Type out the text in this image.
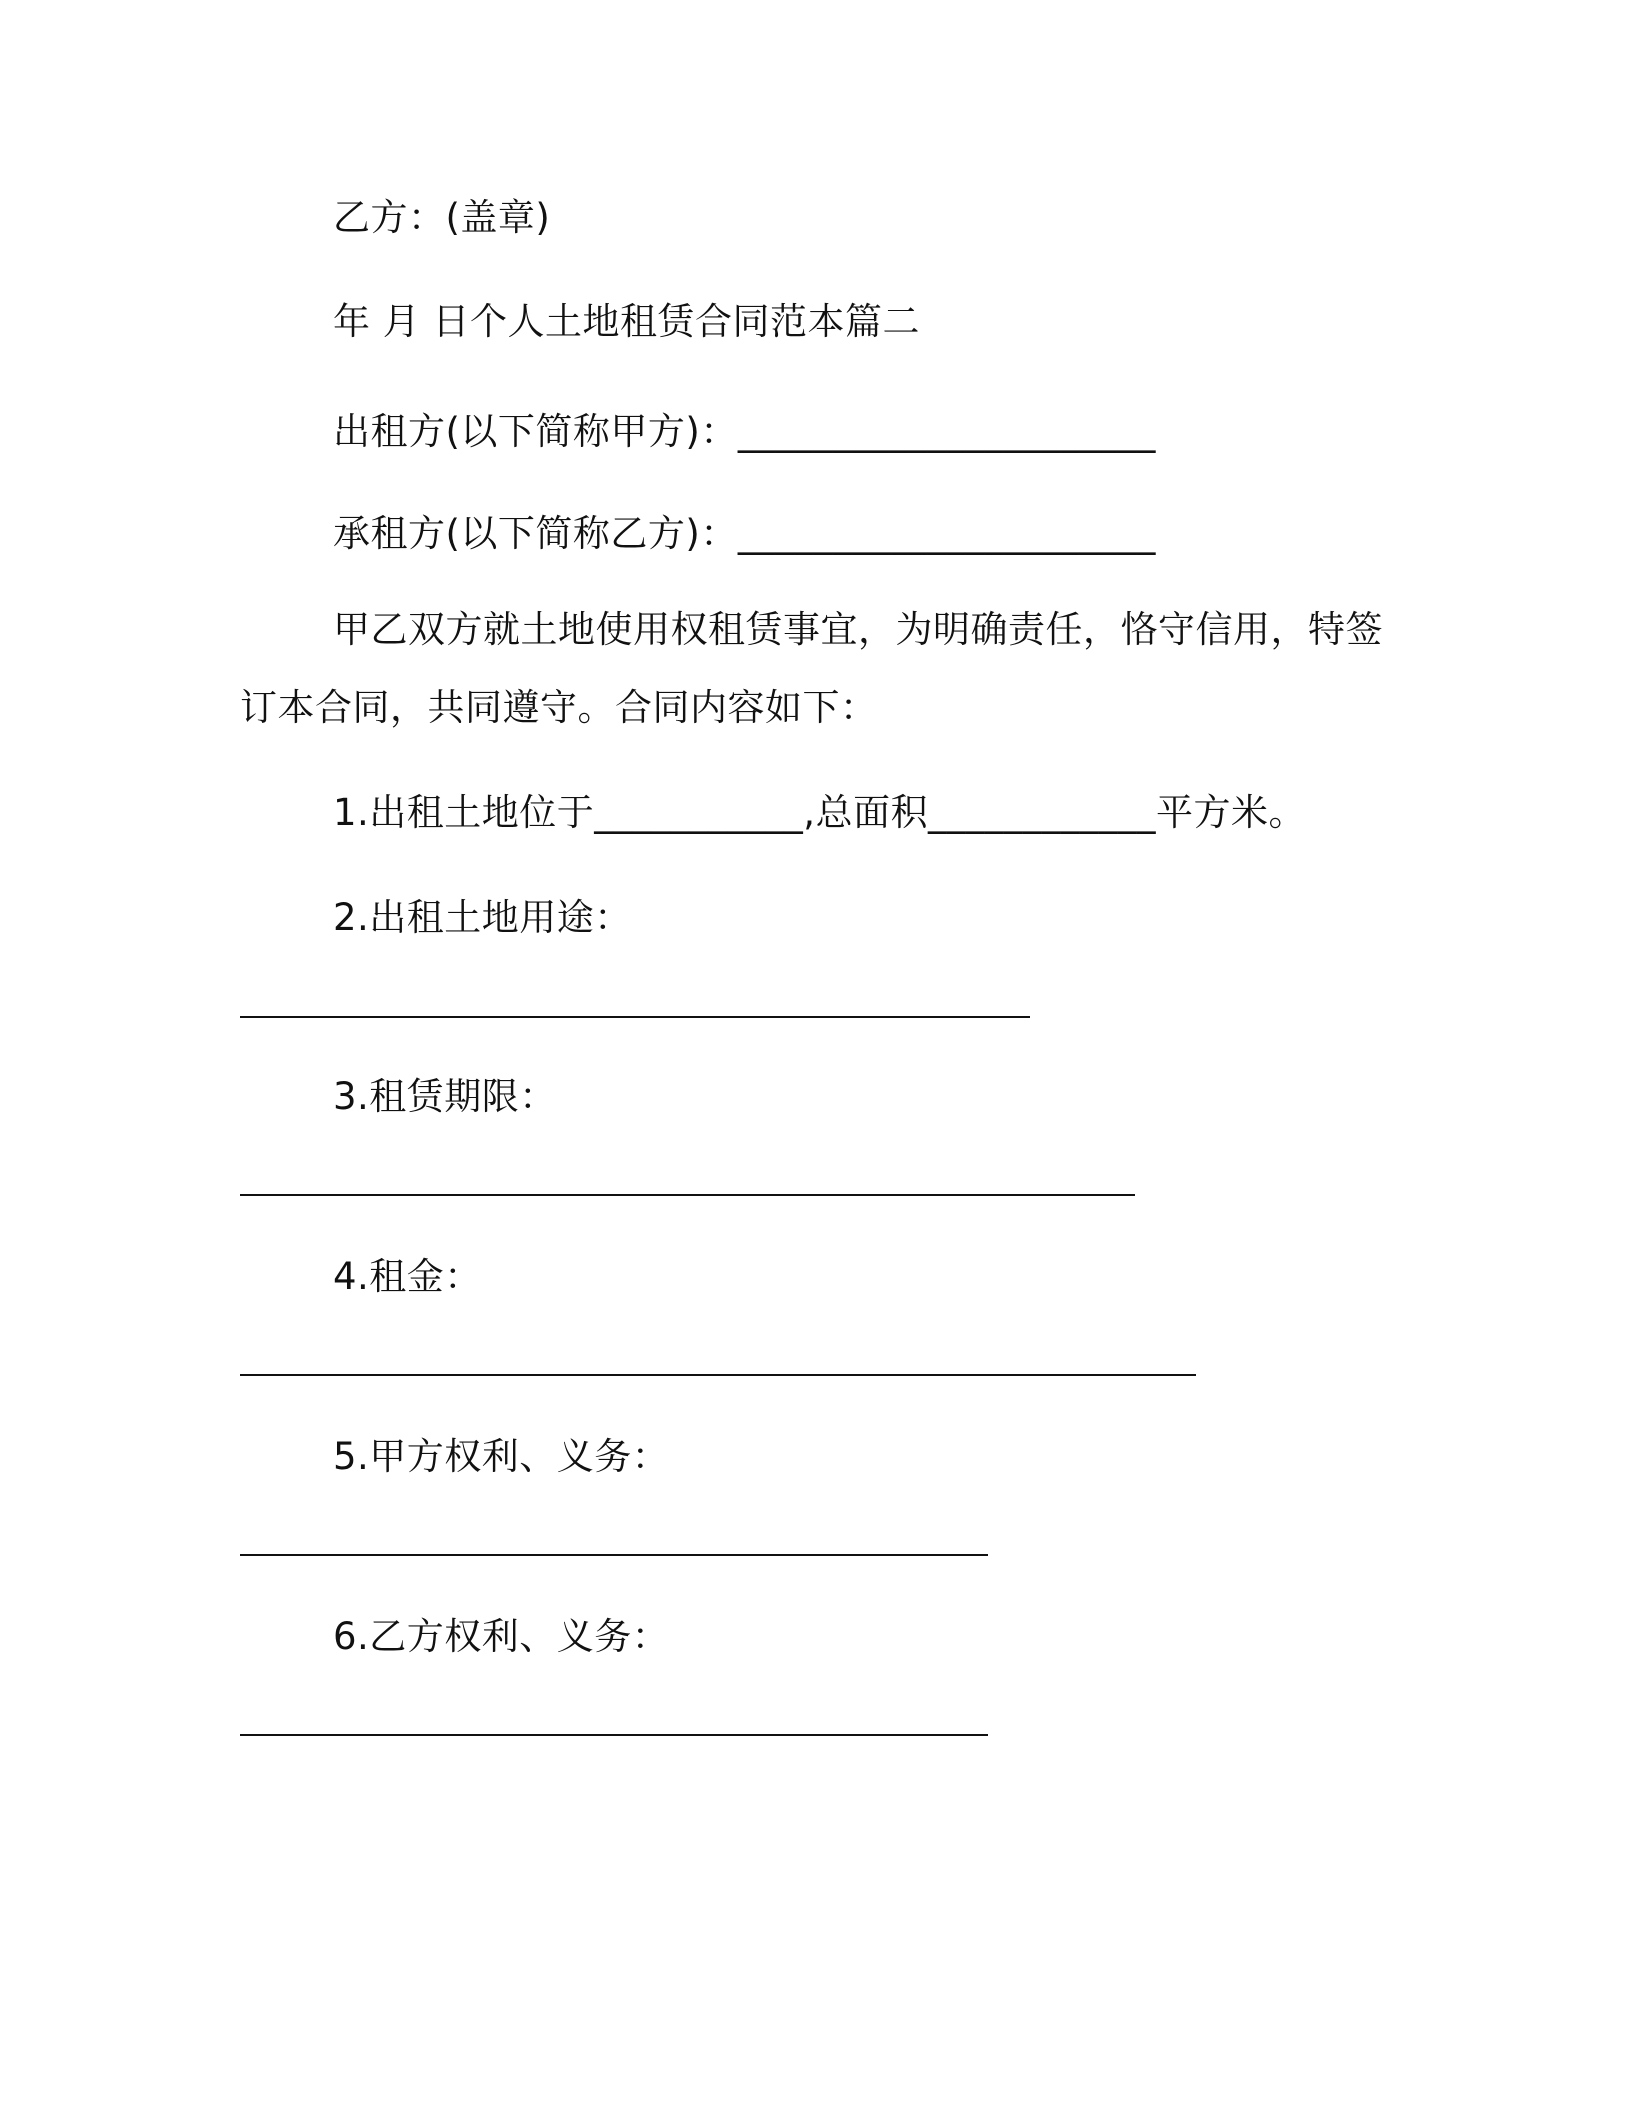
乙方：(盖章)
年 月 日个人土地租赁合同范本篇二
出租方(以下简称甲方)：______________________
承租方(以下简称乙方)：______________________
甲乙双方就土地使用权租赁事宜，为明确责任，恪守信用，特签
订本合同，共同遵守。合同内容如下：
1.出租土地位于___________,总面积____________平方米。
2.出租土地用途：
3.租赁期限：
4.租金：
5.甲方权利、义务：
6.乙方权利、义务：
